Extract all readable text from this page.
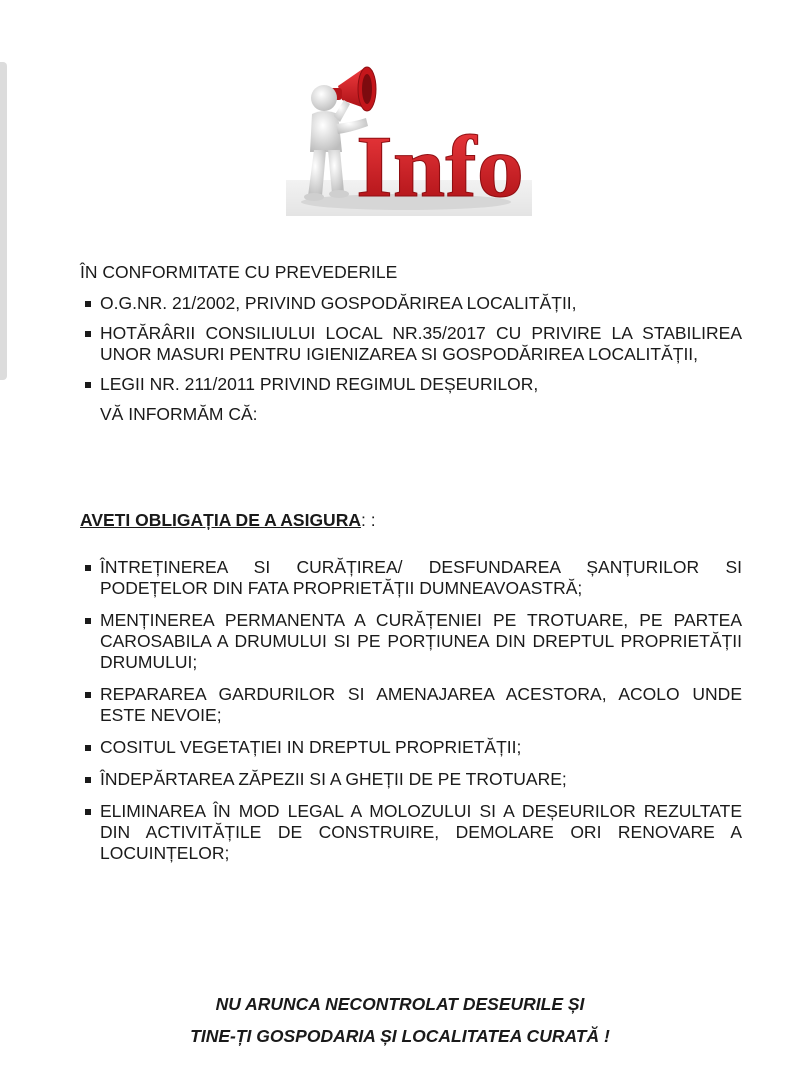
Info

ÎN CONFORMITATE CU PREVEDERILE

O.G.NR. 21/2002, PRIVIND GOSPODĂRIREA LOCALITĂȚII,
HOTĂRÂRII CONSILIULUI LOCAL NR.35/2017 CU PRIVIRE LA STABILIREA UNOR MASURI PENTRU IGIENIZAREA SI GOSPODĂRIREA LOCALITĂȚII,
LEGII NR. 211/2011 PRIVIND REGIMUL DEȘEURILOR,

VĂ INFORMĂM CĂ:

AVETI OBLIGAȚIA DE A ASIGURA: :

ÎNTREȚINEREA SI CURĂȚIREA/ DESFUNDAREA ȘANȚURILOR SI PODEȚELOR DIN FATA PROPRIETĂȚII DUMNEAVOASTRĂ;
MENȚINEREA PERMANENTA A CURĂȚENIEI PE TROTUARE, PE PARTEA CAROSABILA A DRUMULUI SI PE PORȚIUNEA DIN DREPTUL PROPRIETĂȚII DRUMULUI;
REPARAREA GARDURILOR SI AMENAJAREA ACESTORA, ACOLO UNDE ESTE NEVOIE;
COSITUL VEGETAȚIEI IN DREPTUL PROPRIETĂȚII;
ÎNDEPĂRTAREA ZĂPEZII SI A GHEȚII DE PE TROTUARE;
ELIMINAREA ÎN MOD LEGAL A MOLOZULUI SI A DEȘEURILOR REZULTATE DIN ACTIVITĂȚILE DE CONSTRUIRE, DEMOLARE ORI RENOVARE A LOCUINȚELOR;

NU ARUNCA NECONTROLAT DESEURILE ȘI

TINE-ȚI GOSPODARIA ȘI LOCALITATEA CURATĂ !
